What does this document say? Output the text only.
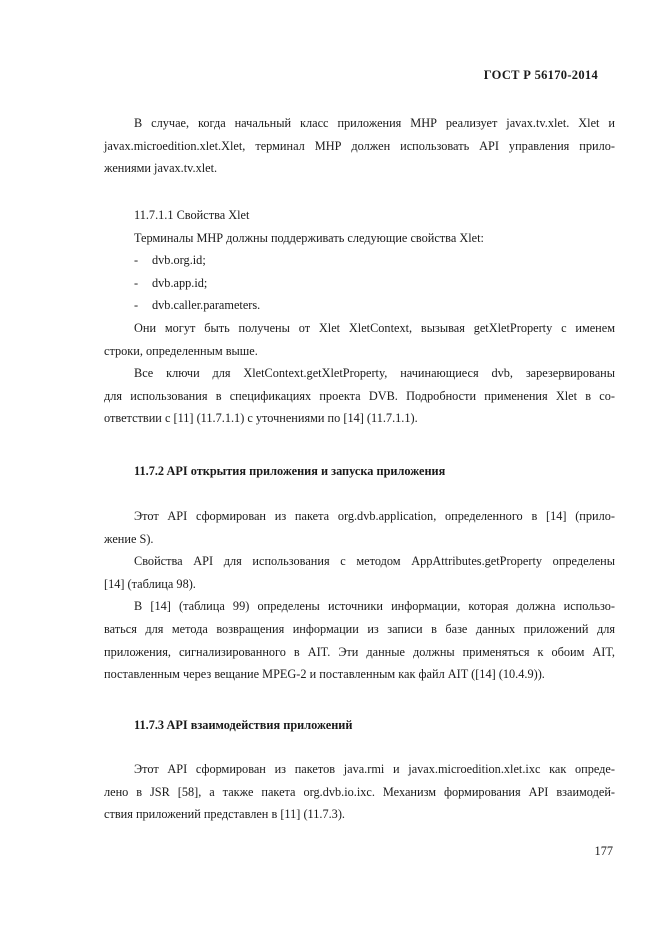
ГОСТ Р 56170-2014
В случае, когда начальный класс приложения МНР реализует javax.tv.xlet. Xlet и
javax.microedition.xlet.Xlet, терминал МНР должен использовать API управления прило-
жениями javax.tv.xlet.
11.7.1.1 Свойства Xlet
Терминалы МНР должны поддерживать следующие свойства Xlet:
- dvb.org.id;
- dvb.app.id;
- dvb.caller.parameters.
Они могут быть получены от Xlet XletContext, вызывая getXletProperty с именем
строки, определенным выше.
Все ключи для XletContext.getXletProperty, начинающиеся dvb, зарезервированы
для использования в спецификациях проекта DVB. Подробности применения Xlet в со-
ответствии с [11] (11.7.1.1) с уточнениями по [14] (11.7.1.1).
11.7.2 API открытия приложения и запуска приложения
Этот API сформирован из пакета org.dvb.application, определенного в [14] (прило-
жение S).
Свойства API для использования с методом AppAttributes.getProperty определены
[14] (таблица 98).
В [14] (таблица 99) определены источники информации, которая должна использо-
ваться для метода возвращения информации из записи в базе данных приложений для
приложения, сигнализированного в AIT. Эти данные должны применяться к обоим AIT,
поставленным через вещание MPEG-2 и поставленным как файл AIT ([14] (10.4.9)).
11.7.3 API взаимодействия приложений
Этот API сформирован из пакетов java.rmi и javax.microedition.xlet.ixc как опреде-
лено в JSR [58], а также пакета org.dvb.io.ixc. Механизм формирования API взаимодей-
ствия приложений представлен в [11] (11.7.3).
177
